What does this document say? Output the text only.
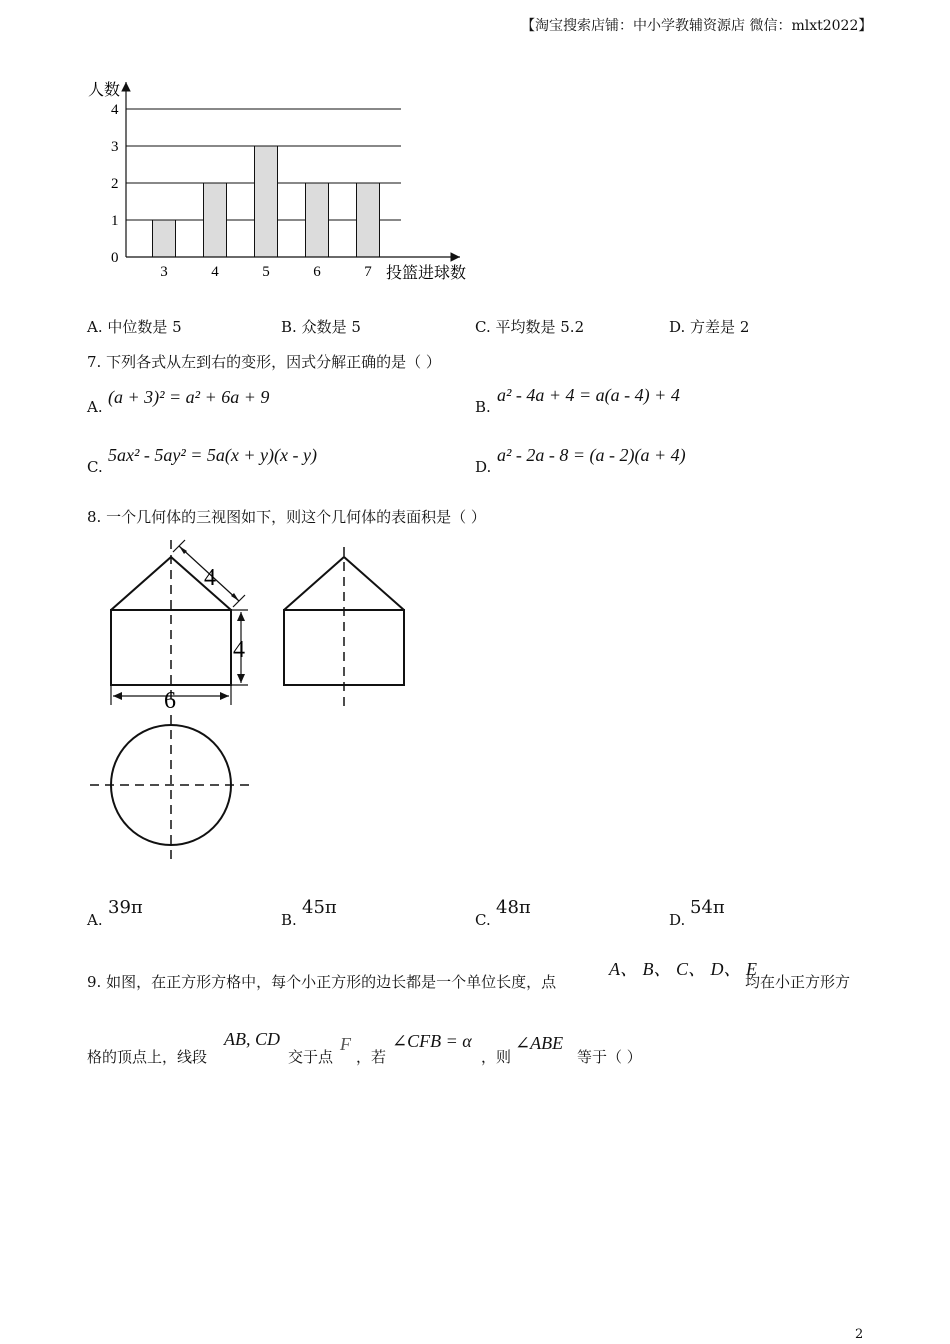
【淘宝搜索店铺：中小学教辅资源店 微信：mlxt2022】
0
1
2
3
4
3	4	5	6	7
人数
投篮进球数
A. 中位数是 5	B. 众数是 5	C. 平均数是 5.2	D. 方差是 2
7. 下列各式从左到右的变形，因式分解正确的是（ ）
A. (a + 3)² = a² + 6a + 9	B.
a² - 4a + 4 = a(a - 4) + 4
C.
5ax² - 5ay² = 5a(x + y)(x - y)
D.
a² - 2a - 8 = (a - 2)(a + 4)
8. 一个几何体的三视图如下，则这个几何体的表面积是（ ）
4
4
6
A.
39π
B.
45π
C.
48π
D.
54π
9. 如图，在正方形方格中，每个小正方形的边长都是一个单位长度，点
A、 B、 C、 D、 E
均在小正方形方
格的顶点上，线段
AB, CD
交于点
F
，若
∠CFB = α
，则
∠ABE
等于（ ）
2
